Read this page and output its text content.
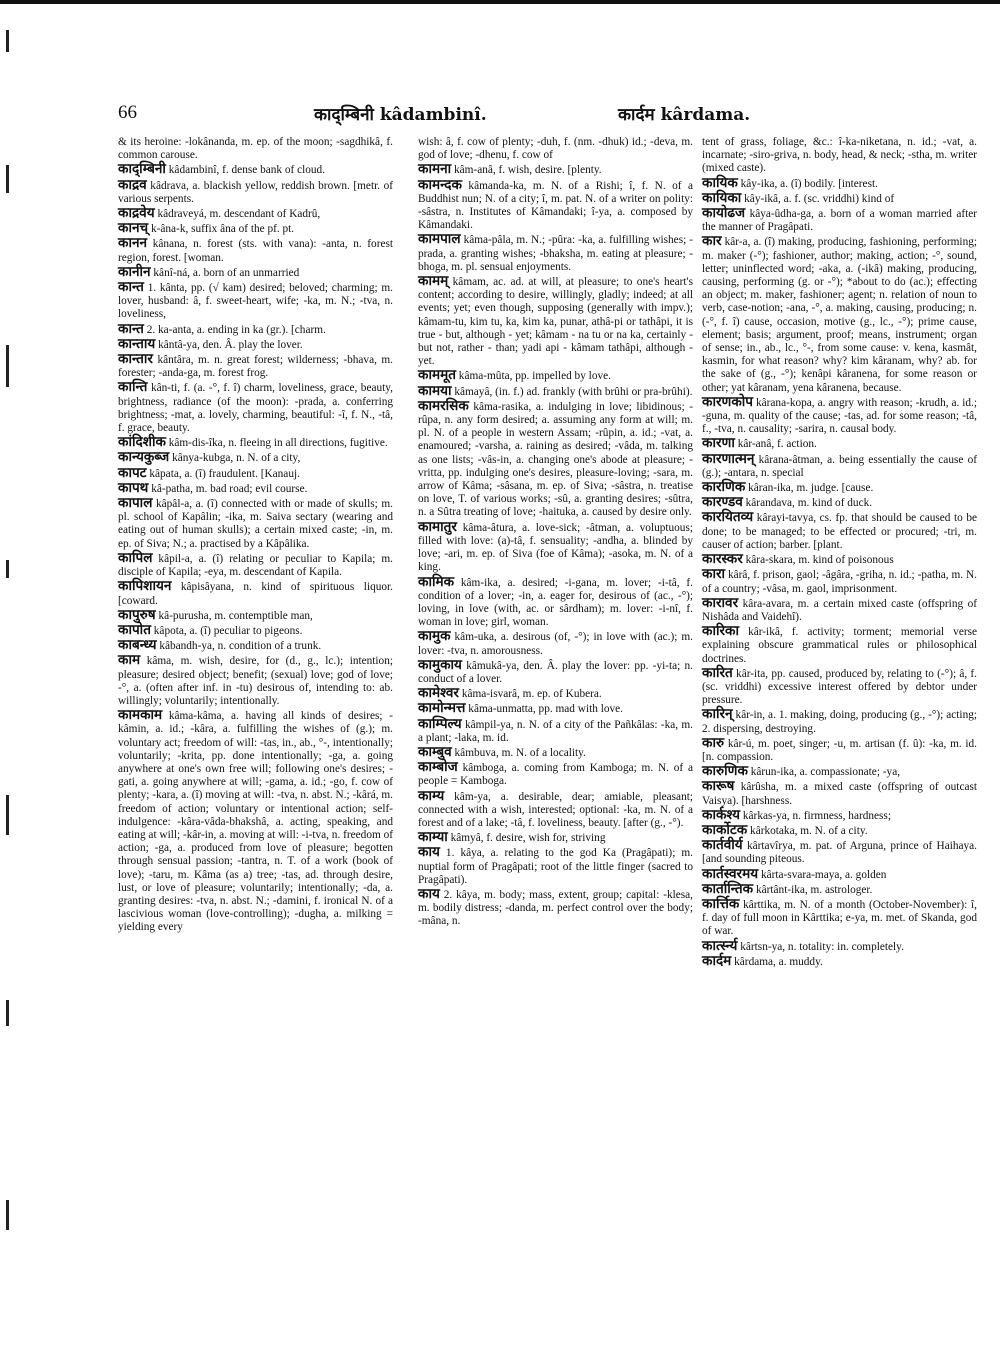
66	काद्‌म्बिनी kâdambinî.	कार्दम kârdama.

& its heroine: -lokânanda, m. ep. of the moon; -sagdhikâ, f. common carouse.

काद्‌म्बिनी kâdambinî, f. dense bank of cloud.

काद्रव kâdrava, a. blackish yellow, reddish brown. [metr. of various serpents.

काद्रवेय kâdraveyá, m. descendant of Kadrû,

कानच् k-âna-k, suffix âna of the pf. pt.

कानन kânana, n. forest (sts. with vana): -anta, n. forest region, forest. [woman.

कानीन kânî-ná, a. born of an unmarried

कान्त 1. kânta, pp. (√ kam) desired; beloved; charming; m. lover, husband: â, f. sweet-heart, wife; -ka, m. N.; -tva, n. loveliness,

कान्त 2. ka-anta, a. ending in ka (gr.). [charm.

कान्ताय kântâ-ya, den. Â. play the lover.

कान्तार kântâra, m. n. great forest; wilderness; -bhava, m. forester; -anda-ga, m. forest frog.

कान्ति kân-ti, f. (a. -°, f. î) charm, loveliness, grace, beauty, brightness, radiance (of the moon): -prada, a. conferring brightness; -mat, a. lovely, charming, beautiful: -î, f. N., -tâ, f. grace, beauty.

कांदिशीक kâm-dis-îka, n. fleeing in all directions, fugitive.

कान्यकुब्ज kânya-kubga, n. N. of a city,

कापट kâpata, a. (î) fraudulent. [Kanauj.

कापथ kâ-patha, m. bad road; evil course.

कापाल kâpâl-a, a. (î) connected with or made of skulls; m. pl. school of Kapâlin; -ika, m. Saiva sectary (wearing and eating out of human skulls); a certain mixed caste; -in, m. ep. of Siva; N.; a. practised by a Kâpâlika.

कापिल kâpil-a, a. (î) relating or peculiar to Kapila; m. disciple of Kapila; -eya, m. descendant of Kapila.

कापिशायन kâpisâyana, n. kind of spirituous liquor. [coward.

कापुरुष kâ-purusha, m. contemptible man,

कापोत kâpota, a. (î) peculiar to pigeons.

काबन्ध्य kâbandh-ya, n. condition of a trunk.

काम kâma, m. wish, desire, for (d., g., lc.); intention; pleasure; desired object; benefit; (sexual) love; god of love; -°, a. (often after inf. in -tu) desirous of, intending to: ab. willingly; voluntarily; intentionally.

कामकाम kâma-kâma, a. having all kinds of desires; -kâmin, a. id.; -kâra, a. fulfilling the wishes of (g.); m. voluntary act; freedom of will: -tas, in., ab., °-, intentionally; voluntarily; -krita, pp. done intentionally; -ga, a. going anywhere at one's own free will; following one's desires; -gati, a. going anywhere at will; -gama, a. id.; -go, f. cow of plenty; -kara, a. (î) moving at will: -tva, n. abst. N.; -kârá, m. freedom of action; voluntary or intentional action; self-indulgence: -kâra-vâda-bhakshâ, a. acting, speaking, and eating at will; -kâr-in, a. moving at will: -i-tva, n. freedom of action; -ga, a. produced from love of pleasure; begotten through sensual passion; -tantra, n. T. of a work (book of love); -taru, m. Kâma (as a) tree; -tas, ad. through desire, lust, or love of pleasure; voluntarily; intentionally; -da, a. granting desires: -tva, n. abst. N.; -damini, f. ironical N. of a lascivious woman (love-controlling); -dugha, a. milking = yielding every

wish: â, f. cow of plenty; -duh, f. (nm. -dhuk) id.; -deva, m. god of love; -dhenu, f. cow of

कामना kâm-anâ, f. wish, desire. [plenty.

कामन्दक kâmanda-ka, m. N. of a Rishi; î, f. N. of a Buddhist nun; N. of a city; î, m. pat. N. of a writer on polity: -sâstra, n. Institutes of Kâmandaki; î-ya, a. composed by Kâmandaki.

कामपाल kâma-pâla, m. N.; -pûra: -ka, a. fulfilling wishes; -prada, a. granting wishes; -bhaksha, m. eating at pleasure; -bhoga, m. pl. sensual enjoyments.

कामम् kâmam, ac. ad. at will, at pleasure; to one's heart's content; according to desire, willingly, gladly; indeed; at all events; yet; even though, supposing (generally with impv.); kâmam-tu, kim tu, ka, kim ka, punar, athâ-pi or tathâpi, it is true - but, although - yet; kâmam - na tu or na ka, certainly - but not, rather - than; yadi api - kâmam tathâpi, although - yet.

काममूत kâma-mûta, pp. impelled by love.

कामया kâmayâ, (in. f.) ad. frankly (with brûhi or pra-brûhi).

कामरसिक kâma-rasika, a. indulging in love; libidinous; -rûpa, n. any form desired; a. assuming any form at will; m. pl. N. of a people in western Assam; -rûpin, a. id.; -vat, a. enamoured; -varsha, a. raining as desired; -vâda, m. talking as one lists; -vâs-in, a. changing one's abode at pleasure; -vritta, pp. indulging one's desires, pleasure-loving; -sara, m. arrow of Kâma; -sâsana, m. ep. of Siva; -sâstra, n. treatise on love, T. of various works; -sû, a. granting desires; -sûtra, n. a Sûtra treating of love; -haituka, a. caused by desire only.

कामातुर kâma-âtura, a. love-sick; -âtman, a. voluptuous; filled with love: (a)-tâ, f. sensuality; -andha, a. blinded by love; -ari, m. ep. of Siva (foe of Kâma); -asoka, m. N. of a king.

कामिक kâm-ika, a. desired; -i-gana, m. lover; -i-tâ, f. condition of a lover; -in, a. eager for, desirous of (ac., -°); loving, in love (with, ac. or sârdham); m. lover: -i-nî, f. woman in love; girl, woman.

कामुक kâm-uka, a. desirous (of, -°); in love with (ac.); m. lover: -tva, n. amorousness.

कामुकाय kâmukâ-ya, den. Â. play the lover: pp. -yi-ta; n. conduct of a lover.

कामेश्वर kâma-isvarâ, m. ep. of Kubera.

कामोन्मत्त kâma-unmatta, pp. mad with love.

काम्पिल्य kâmpil-ya, n. N. of a city of the Pañkâlas: -ka, m. a plant; -laka, m. id.

काम्बुव kâmbuva, m. N. of a locality.

काम्बोज kâmboga, a. coming from Kamboga; m. N. of a people = Kamboga.

काम्य kâm-ya, a. desirable, dear; amiable, pleasant; connected with a wish, interested; optional: -ka, m. N. of a forest and of a lake; -tâ, f. loveliness, beauty. [after (g., -°).

काम्या kâmyâ, f. desire, wish for, striving

काय 1. kâya, a. relating to the god Ka (Pragâpati); m. nuptial form of Pragâpati; root of the little finger (sacred to Pragâpati).

काय 2. kâya, m. body; mass, extent, group; capital: -klesa, m. bodily distress; -danda, m. perfect control over the body; -mâna, n.

tent of grass, foliage, &c.: î-ka-niketana, n. id.; -vat, a. incarnate; -siro-griva, n. body, head, & neck; -stha, m. writer (mixed caste).

कायिक kây-ika, a. (î) bodily. [interest.

कायिका kây-ikâ, a. f. (sc. vriddhi) kind of

कायोढज kâya-ûdha-ga, a. born of a woman married after the manner of Pragâpati.

कार kâr-a, a. (î) making, producing, fashioning, performing; m. maker (-°); fashioner, author; making, action; -°, sound, letter; uninflected word; -aka, a. (-ikâ) making, producing, causing, performing (g. or -°); *about to do (ac.); effecting an object; m. maker, fashioner; agent; n. relation of noun to verb, case-notion; -ana, -°, a. making, causing, producing; n. (-°, f. î) cause, occasion, motive (g., lc., -°); prime cause, element; basis; argument, proof; means, instrument; organ of sense; in., ab., lc., °-, from some cause: v. kena, kasmât, kasmin, for what reason? why? kim kâranam, why? ab. for the sake of (g., -°); kenâpi kâranena, for some reason or other; yat kâranam, yena kâranena, because.

कारणकोप kârana-kopa, a. angry with reason; -krudh, a. id.; -guna, m. quality of the cause; -tas, ad. for some reason; -tâ, f., -tva, n. causality; -sarira, n. causal body.

कारणा kâr-anâ, f. action.

कारणात्मन् kârana-âtman, a. being essentially the cause of (g.); -antara, n. special

कारणिक kâran-ika, m. judge. [cause.

कारण्डव kârandava, m. kind of duck.

कारयितव्य kârayi-tavya, cs. fp. that should be caused to be done; to be managed; to be effected or procured; -tri, m. causer of action; barber. [plant.

कारस्कर kâra-skara, m. kind of poisonous

कारा kârâ, f. prison, gaol; -âgâra, -griha, n. id.; -patha, m. N. of a country; -vâsa, m. gaol, imprisonment.

कारावर kâra-avara, m. a certain mixed caste (offspring of Nishâda and Vaidehî).

कारिका kâr-ikâ, f. activity; torment; memorial verse explaining obscure grammatical rules or philosophical doctrines.

कारित kâr-ita, pp. caused, produced by, relating to (-°); â, f. (sc. vriddhi) excessive interest offered by debtor under pressure.

कारिन् kâr-in, a. 1. making, doing, producing (g., -°); acting; 2. dispersing, destroying.

कारु kâr-ú, m. poet, singer; -u, m. artisan (f. û): -ka, m. id. [n. compassion.

कारुणिक kârun-ika, a. compassionate; -ya,

कारूष kârûsha, m. a mixed caste (offspring of outcast Vaisya). [harshness.

कार्कश्य kârkas-ya, n. firmness, hardness;

कार्कोटक kârkotaka, m. N. of a city.

कार्तवीर्य kârtavîrya, m. pat. of Arguna, prince of Haihaya. [and sounding piteous.

कार्तस्वरमय kârta-svara-maya, a. golden

कार्तान्तिक kârtânt-ika, m. astrologer.

कार्त्तिक kârttika, m. N. of a month (October-November): î, f. day of full moon in Kârttika; e-ya, m. met. of Skanda, god of war.

कार्त्स्न्य kârtsn-ya, n. totality: in. completely.

कार्दम kârdama, a. muddy.
